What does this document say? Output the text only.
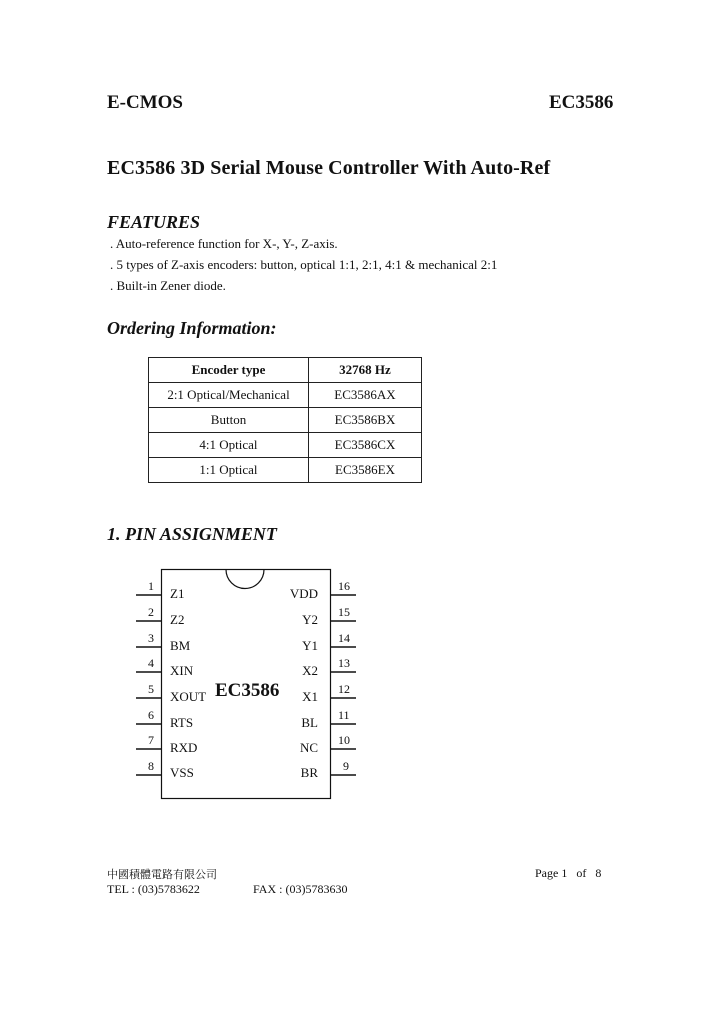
E-CMOS	EC3586
EC3586 3D Serial Mouse Controller With Auto-Ref
FEATURES
. Auto-reference function for X-, Y-, Z-axis.
. 5 types of Z-axis encoders: button, optical 1:1, 2:1, 4:1 & mechanical 2:1
. Built-in Zener diode.
Ordering Information:
Encoder type	32768 Hz
2:1 Optical/Mechanical	EC3586AX
Button	EC3586BX
4:1 Optical	EC3586CX
1:1 Optical	EC3586EX
1. PIN ASSIGNMENT
EC3586
1 Z1
2 Z2
3 BM
4 XIN
5 XOUT
6 RTS
7 RXD
8 VSS
16
VDD
15
Y2
14
Y1
13
X2
12
X1
11
BL
10
NC
9
BR
中國積體電路有限公司
TEL : (03)5783622	FAX : (03)5783630
Page 1 of 8
